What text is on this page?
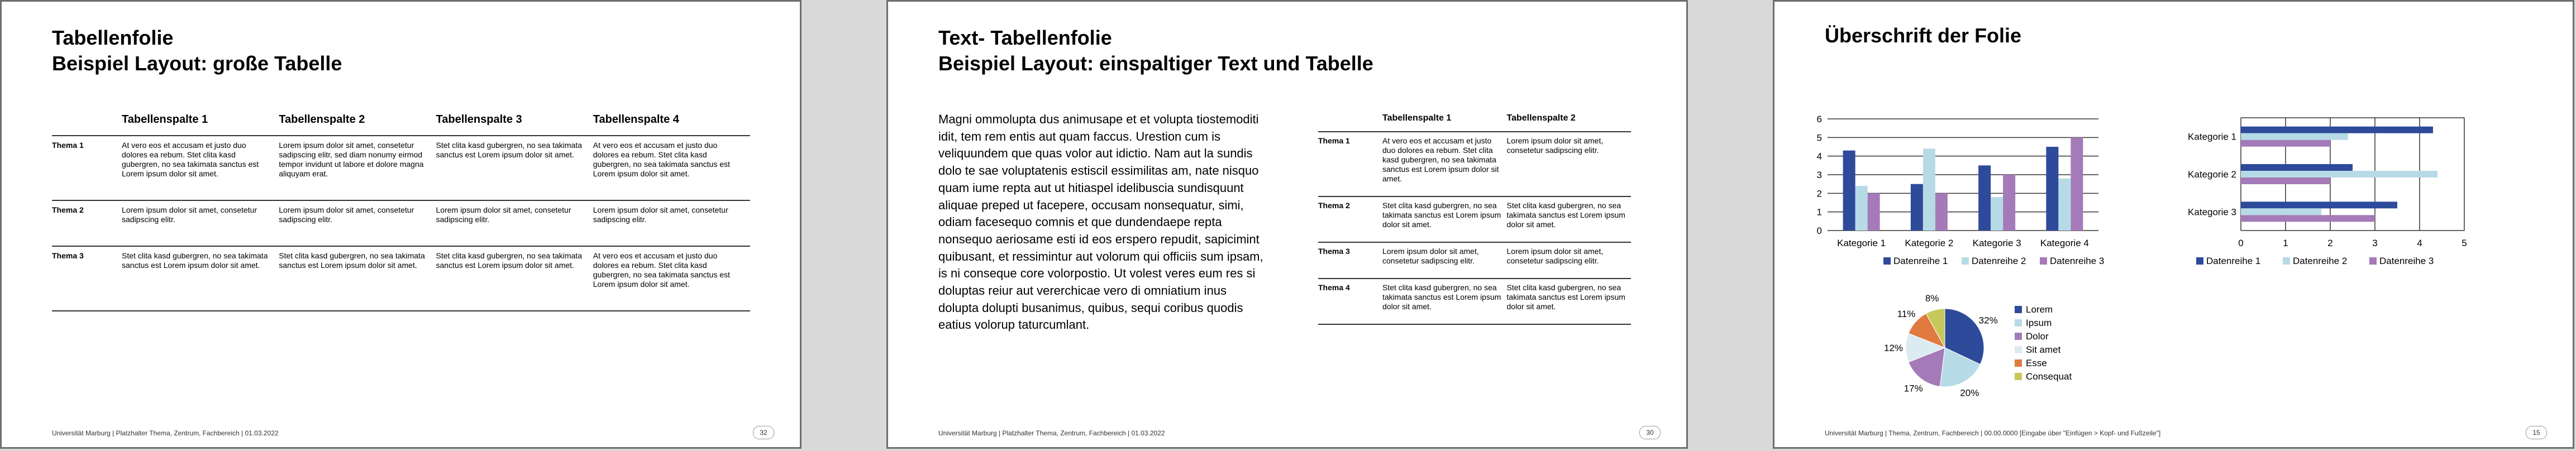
Tabellenfolie
Beispiel Layout: große Tabelle
	Tabellenspalte 1	Tabellenspalte 2	Tabellenspalte 3	Tabellenspalte 4
Thema 1	At vero eos et accusam et justo duo dolores ea rebum. Stet clita kasd gubergren, no sea takimata sanctus est Lorem ipsum dolor sit amet.	Lorem ipsum dolor sit amet, consetetur sadipscing elitr, sed diam nonumy eirmod tempor invidunt ut labore et dolore magna aliquyam erat.	Stet clita kasd gubergren, no sea takimata sanctus est Lorem ipsum dolor sit amet.	At vero eos et accusam et justo duo dolores ea rebum. Stet clita kasd gubergren, no sea takimata sanctus est Lorem ipsum dolor sit amet.
Thema 2	Lorem ipsum dolor sit amet, consetetur sadipscing elitr.	Lorem ipsum dolor sit amet, consetetur sadipscing elitr.	Lorem ipsum dolor sit amet, consetetur sadipscing elitr.	Lorem ipsum dolor sit amet, consetetur sadipscing elitr.
Thema 3	Stet clita kasd gubergren, no sea takimata sanctus est Lorem ipsum dolor sit amet.	Stet clita kasd gubergren, no sea takimata sanctus est Lorem ipsum dolor sit amet.	Stet clita kasd gubergren, no sea takimata sanctus est Lorem ipsum dolor sit amet.	At vero eos et accusam et justo duo dolores ea rebum. Stet clita kasd gubergren, no sea takimata sanctus est Lorem ipsum dolor sit amet.
Universität Marburg | Platzhalter Thema, Zentrum, Fachbereich | 01.03.2022	32
Text- Tabellenfolie
Beispiel Layout: einspaltiger Text und Tabelle
Magni ommolupta dus animusape et et volupta tiostemoditi idit, tem rem entis aut quam faccus. Urestion cum is veliquundem que quas volor aut idictio. Nam aut la sundis dolo te sae voluptatenis estiscil essimilitas am, nate nisquo quam iume repta aut ut hitiaspel idelibuscia sundisquunt aliquae preped ut facepere, occusam nonsequatur, simi, odiam facesequo comnis et que dundendaepe repta nonsequo aeriosame esti id eos erspero repudit, sapicimint quibusant, et ressimintur aut volorum qui officiis sum ipsam, is ni conseque core volorpostio. Ut volest veres eum res si doluptas reiur aut vererchicae vero di omniatium inus dolupta dolupti busanimus, quibus, sequi coribus quodis eatius volorup taturcumlant.
	Tabellenspalte 1	Tabellenspalte 2
Thema 1	At vero eos et accusam et justo duo dolores ea rebum. Stet clita kasd gubergren, no sea takimata sanctus est Lorem ipsum dolor sit amet.	Lorem ipsum dolor sit amet, consetetur sadipscing elitr.
Thema 2	Stet clita kasd gubergren, no sea takimata sanctus est Lorem ipsum dolor sit amet.	Stet clita kasd gubergren, no sea takimata sanctus est Lorem ipsum dolor sit amet.
Thema 3	Lorem ipsum dolor sit amet, consetetur sadipscing elitr.	Lorem ipsum dolor sit amet, consetetur sadipscing elitr.
Thema 4	Stet clita kasd gubergren, no sea takimata sanctus est Lorem ipsum dolor sit amet.	Stet clita kasd gubergren, no sea takimata sanctus est Lorem ipsum dolor sit amet.
Universität Marburg | Platzhalter Thema, Zentrum, Fachbereich | 01.03.2022	30
Überschrift der Folie
0
1
2
3
4
5
6
Kategorie 1 Kategorie 2 Kategorie 3 Kategorie 4
Datenreihe 1	Datenreihe 2	Datenreihe 3
0	1	2	3	4	5
Kategorie 1
Kategorie 2
Kategorie 3
Datenreihe 1	Datenreihe 2	Datenreihe 3
32%
20%
17%
12%
11%
8%
Lorem
Ipsum
Dolor
Sit amet
Esse
Consequat
Universität Marburg | Thema, Zentrum, Fachbereich | 00.00.0000 [Eingabe über "Einfügen > Kopf- und Fußzeile"]	15
